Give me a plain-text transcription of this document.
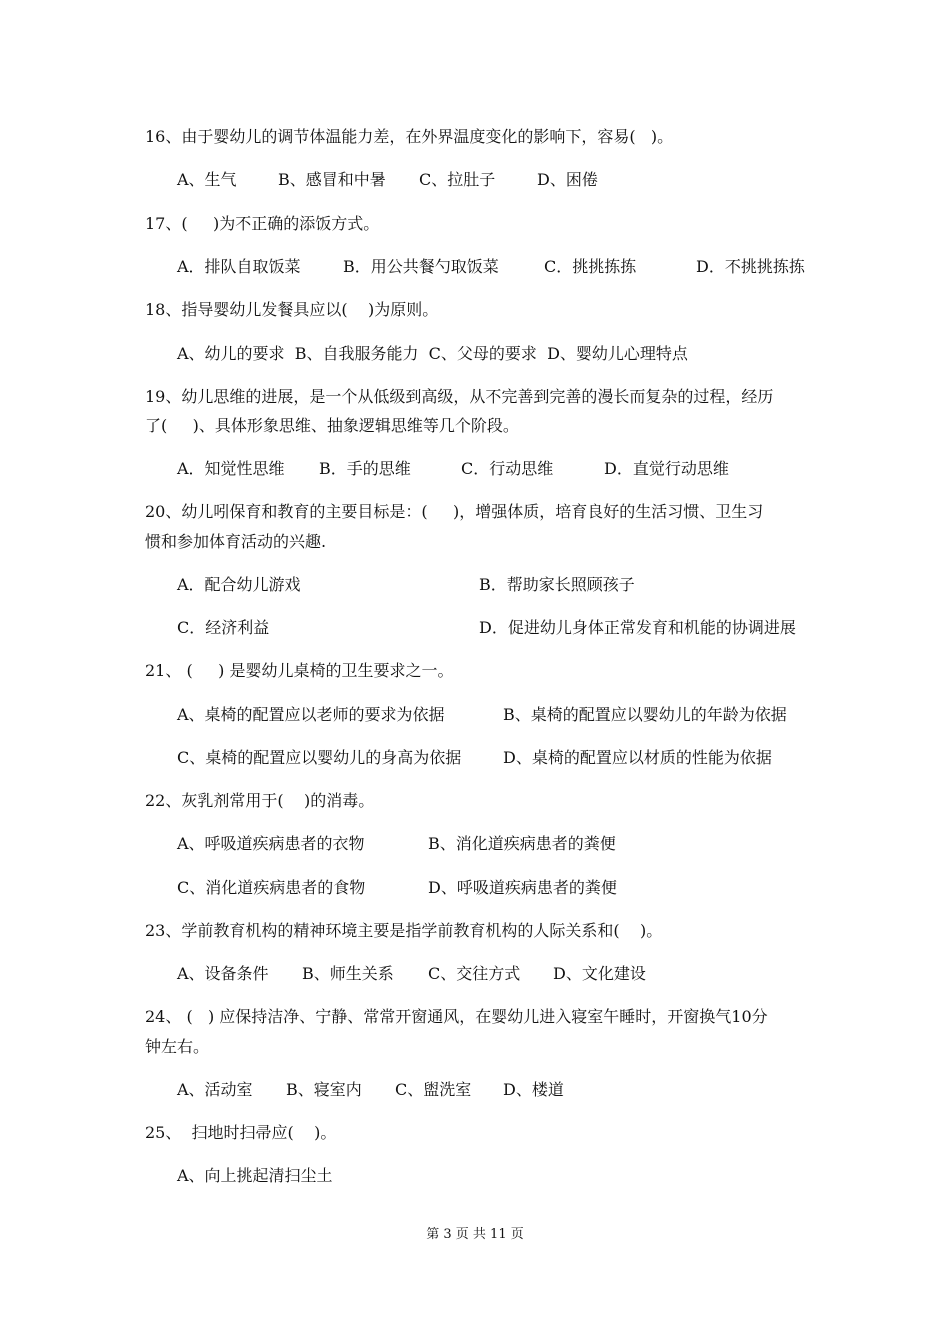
16、由于婴幼儿的调节体温能力差，在外界温度变化的影响下，容易(   )。
A、生气	B、感冒和中暑 C、拉肚子	D、困倦
17、(     )为不正确的添饭方式。
A．排队自取饭菜	B．用公共餐勺取饭菜	C．挑挑拣拣	D．不挑挑拣拣
18、指导婴幼儿发餐具应以(    )为原则。
A、幼儿的要求  B、自我服务能力  C、父母的要求  D、婴幼儿心理特点
19、幼儿思维的进展，是一个从低级到高级，从不完善到完善的漫长而复杂的过程，经历
了(     )、具体形象思维、抽象逻辑思维等几个阶段。
A．知觉性思维 B．手的思维	C．行动思维	D．直觉行动思维
20、幼儿吲保育和教育的主要目标是：(     )，增强体质，培育良好的生活习惯、卫生习
惯和参加体育活动的兴趣.
A．配合幼儿游戏	B．帮助家长照顾孩子
C．经济利益	D．促进幼儿身体正常发育和机能的协调进展
21、 (     ) 是婴幼儿桌椅的卫生要求之一。
A、桌椅的配置应以老师的要求为依据	B、桌椅的配置应以婴幼儿的年龄为依据
C、桌椅的配置应以婴幼儿的身高为依据	D、桌椅的配置应以材质的性能为依据
22、灰乳剂常用于(    )的消毒。
A、呼吸道疾病患者的衣物	B、消化道疾病患者的粪便
C、消化道疾病患者的食物	D、呼吸道疾病患者的粪便
23、学前教育机构的精神环境主要是指学前教育机构的人际关系和(    )。
A、设备条件 B、师生关系 C、交往方式 D、文化建设
24、 (   ) 应保持洁净、宁静、常常开窗通风，在婴幼儿进入寝室午睡时，开窗换气10分
钟左右。
A、活动室 B、寝室内 C、盥洗室 D、楼道
25、  扫地时扫帚应(    )。
A、向上挑起清扫尘土
第 3 页 共 11 页
